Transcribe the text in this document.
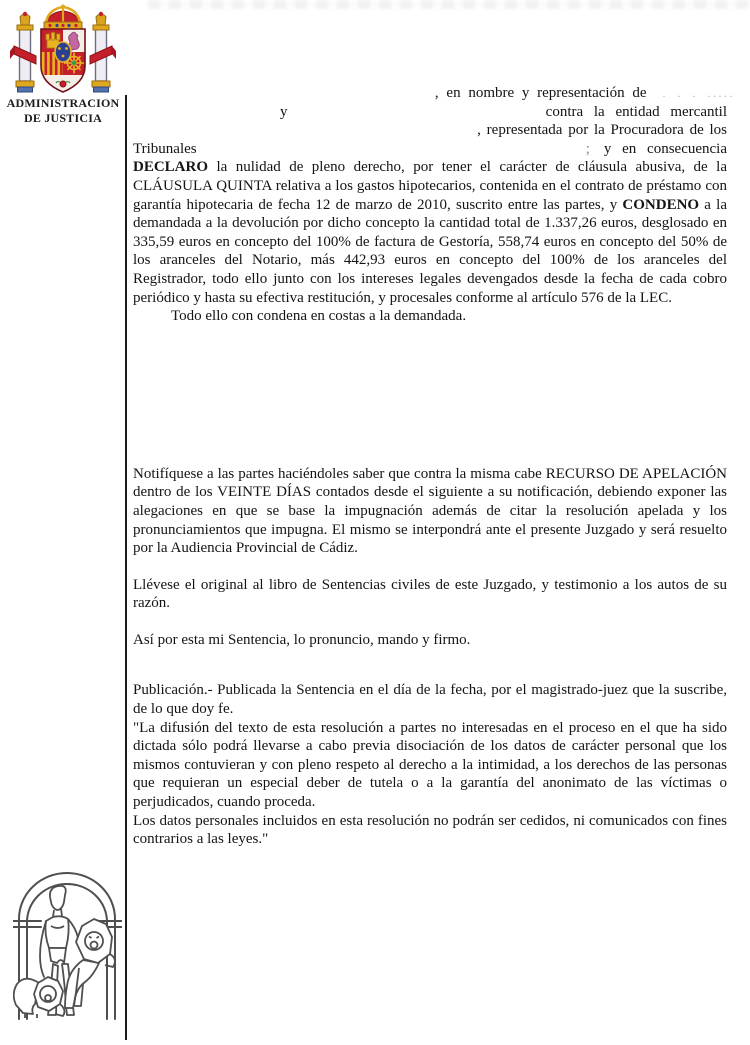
ADMINISTRACION
DE JUSTICIA
, en nombre y representación de . . . .....
y	contra la entidad mercantil
, representada por la Procuradora de los
Tribunales	; y en consecuencia

DECLARO la nulidad de pleno derecho, por tener el carácter de cláusula abusiva, de la CLÁUSULA QUINTA relativa a los gastos hipotecarios, contenida en el contrato de préstamo con garantía hipotecaria de fecha 12 de marzo de 2010, suscrito entre las partes, y CONDENO a la demandada a la devolución por dicho concepto la cantidad total de 1.337,26 euros, desglosado en 335,59 euros en concepto del 100% de factura de Gestoría, 558,74 euros en concepto del 50% de los aranceles del Notario, más 442,93 euros en concepto del 100% de los aranceles del Registrador, todo ello junto con los intereses legales devengados desde la fecha de cada cobro periódico y hasta su efectiva restitución, y procesales conforme al artículo 576 de la LEC.

Todo ello con condena en costas a la demandada.

Notifíquese a las partes haciéndoles saber que contra la misma cabe RECURSO DE APELACIÓN dentro de los VEINTE DÍAS contados desde el siguiente a su notificación, debiendo exponer las alegaciones en que se base la impugnación además de citar la resolución apelada y los pronunciamientos que impugna. El mismo se interpondrá ante el presente Juzgado y será resuelto por la Audiencia Provincial de Cádiz.

Llévese el original al libro de Sentencias civiles de este Juzgado, y testimonio a los autos de su razón.

Así por esta mi Sentencia, lo pronuncio, mando y firmo.

Publicación.- Publicada la Sentencia en el día de la fecha, por el magistrado-juez que la suscribe, de lo que doy fe.

"La difusión del texto de esta resolución a partes no interesadas en el proceso en el que ha sido dictada sólo podrá llevarse a cabo previa disociación de los datos de carácter personal que los mismos contuvieran y con pleno respeto al derecho a la intimidad, a los derechos de las personas que requieran un especial deber de tutela o a la garantía del anonimato de las víctimas o perjudicados, cuando proceda.

Los datos personales incluidos en esta resolución no podrán ser cedidos, ni comunicados con fines contrarios a las leyes."
